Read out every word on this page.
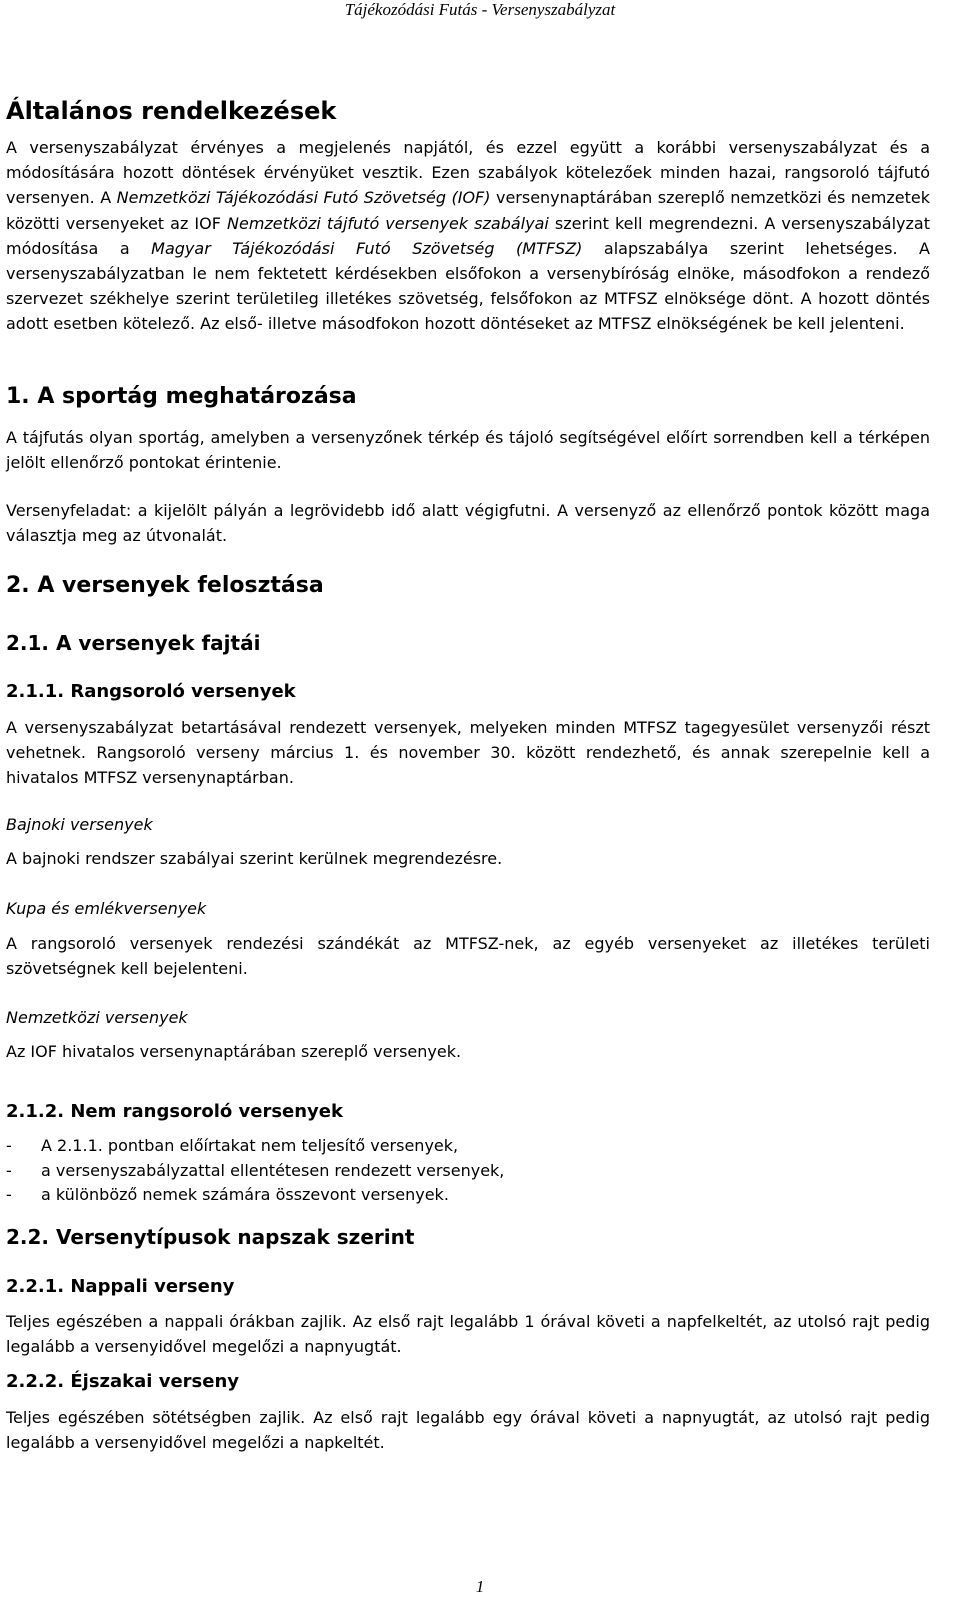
Tájékozódási Futás - Versenyszabályzat
Általános rendelkezések

A versenyszabályzat érvényes a megjelenés napjától, és ezzel együtt a korábbi versenyszabályzat és a módosítására hozott döntések érvényüket vesztik. Ezen szabályok kötelezőek minden hazai, rangsoroló tájfutó versenyen. A Nemzetközi Tájékozódási Futó Szövetség (IOF) versenynaptárában szereplő nemzetközi és nemzetek közötti versenyeket az IOF Nemzetközi tájfutó versenyek szabályai szerint kell megrendezni. A versenyszabályzat módosítása a Magyar Tájékozódási Futó Szövetség (MTFSZ) alapszabálya szerint lehetséges. A versenyszabályzatban le nem fektetett kérdésekben elsőfokon a versenybíróság elnöke, másodfokon a rendező szervezet székhelye szerint területileg illetékes szövetség, felsőfokon az MTFSZ elnöksége dönt. A hozott döntés adott esetben kötelező. Az első- illetve másodfokon hozott döntéseket az MTFSZ elnökségének be kell jelenteni.

1. A sportág meghatározása

A tájfutás olyan sportág, amelyben a versenyzőnek térkép és tájoló segítségével előírt sorrendben kell a térképen jelölt ellenőrző pontokat érintenie.

Versenyfeladat: a kijelölt pályán a legrövidebb idő alatt végigfutni. A versenyző az ellenőrző pontok között maga választja meg az útvonalát.

2. A versenyek felosztása
2.1. A versenyek fajtái
2.1.1. Rangsoroló versenyek

A versenyszabályzat betartásával rendezett versenyek, melyeken minden MTFSZ tagegyesület versenyzői részt vehetnek. Rangsoroló verseny március 1. és november 30. között rendezhető, és annak szerepelnie kell a hivatalos MTFSZ versenynaptárban.

Bajnoki versenyek
A bajnoki rendszer szabályai szerint kerülnek megrendezésre.
Kupa és emlékversenyek

A rangsoroló versenyek rendezési szándékát az MTFSZ-nek, az egyéb versenyeket az illetékes területi szövetségnek kell bejelenteni.

Nemzetközi versenyek
Az IOF hivatalos versenynaptárában szereplő versenyek.
2.1.2. Nem rangsoroló versenyek
- A 2.1.1. pontban előírtakat nem teljesítő versenyek,
- a versenyszabályzattal ellentétesen rendezett versenyek,
- a különböző nemek számára összevont versenyek.
2.2. Versenytípusok napszak szerint
2.2.1. Nappali verseny

Teljes egészében a nappali órákban zajlik. Az első rajt legalább 1 órával követi a napfelkeltét, az utolsó rajt pedig legalább a versenyidővel megelőzi a napnyugtát.

2.2.2. Éjszakai verseny

Teljes egészében sötétségben zajlik. Az első rajt legalább egy órával követi a napnyugtát, az utolsó rajt pedig legalább a versenyidővel megelőzi a napkeltét.

1
